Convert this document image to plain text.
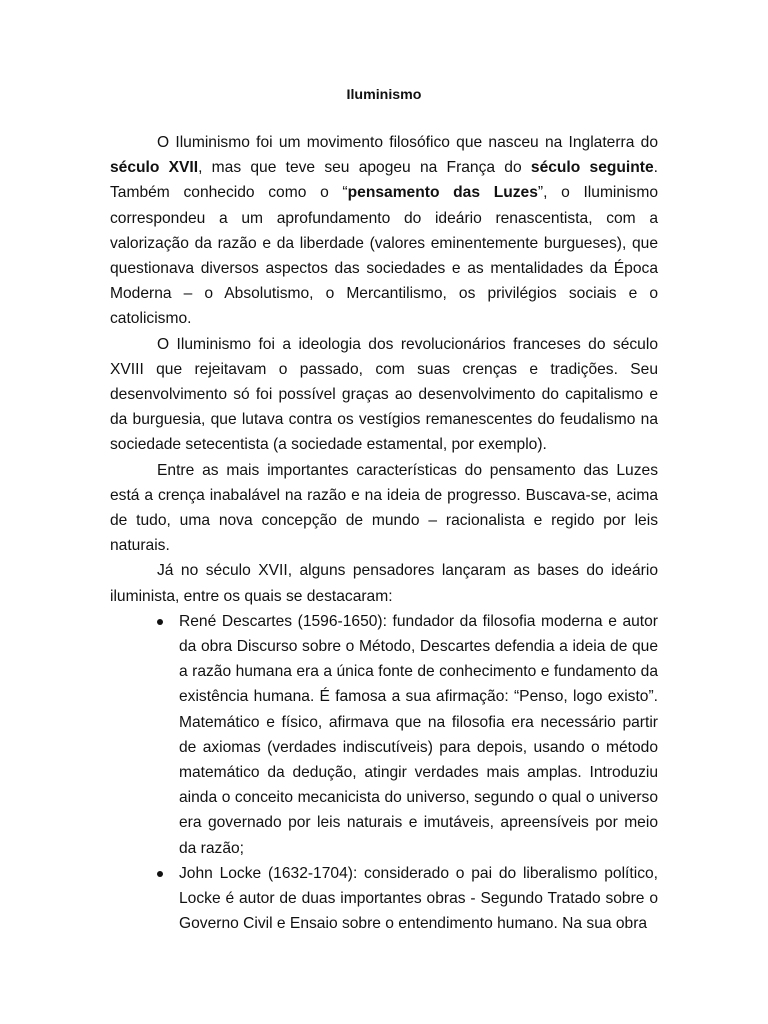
Iluminismo

O Iluminismo foi um movimento filosófico que nasceu na Inglaterra do século XVII, mas que teve seu apogeu na França do século seguinte. Também conhecido como o “pensamento das Luzes”, o Iluminismo correspondeu a um aprofundamento do ideário renascentista, com a valorização da razão e da liberdade (valores eminentemente burgueses), que questionava diversos aspectos das sociedades e as mentalidades da Época Moderna – o Absolutismo, o Mercantilismo, os privilégios sociais e o catolicismo.

O Iluminismo foi a ideologia dos revolucionários franceses do século XVIII que rejeitavam o passado, com suas crenças e tradições. Seu desenvolvimento só foi possível graças ao desenvolvimento do capitalismo e da burguesia, que lutava contra os vestígios remanescentes do feudalismo na sociedade setecentista (a sociedade estamental, por exemplo).

Entre as mais importantes características do pensamento das Luzes está a crença inabalável na razão e na ideia de progresso. Buscava-se, acima de tudo, uma nova concepção de mundo – racionalista e regido por leis naturais.

Já no século XVII, alguns pensadores lançaram as bases do ideário iluminista, entre os quais se destacaram:

René Descartes (1596-1650): fundador da filosofia moderna e autor da obra Discurso sobre o Método, Descartes defendia a ideia de que a razão humana era a única fonte de conhecimento e fundamento da existência humana. É famosa a sua afirmação: “Penso, logo existo”. Matemático e físico, afirmava que na filosofia era necessário partir de axiomas (verdades indiscutíveis) para depois, usando o método matemático da dedução, atingir verdades mais amplas. Introduziu ainda o conceito mecanicista do universo, segundo o qual o universo era governado por leis naturais e imutáveis, apreensíveis por meio da razão;
John Locke (1632-1704): considerado o pai do liberalismo político, Locke é autor de duas importantes obras - Segundo Tratado sobre o Governo Civil e Ensaio sobre o entendimento humano. Na sua obra
